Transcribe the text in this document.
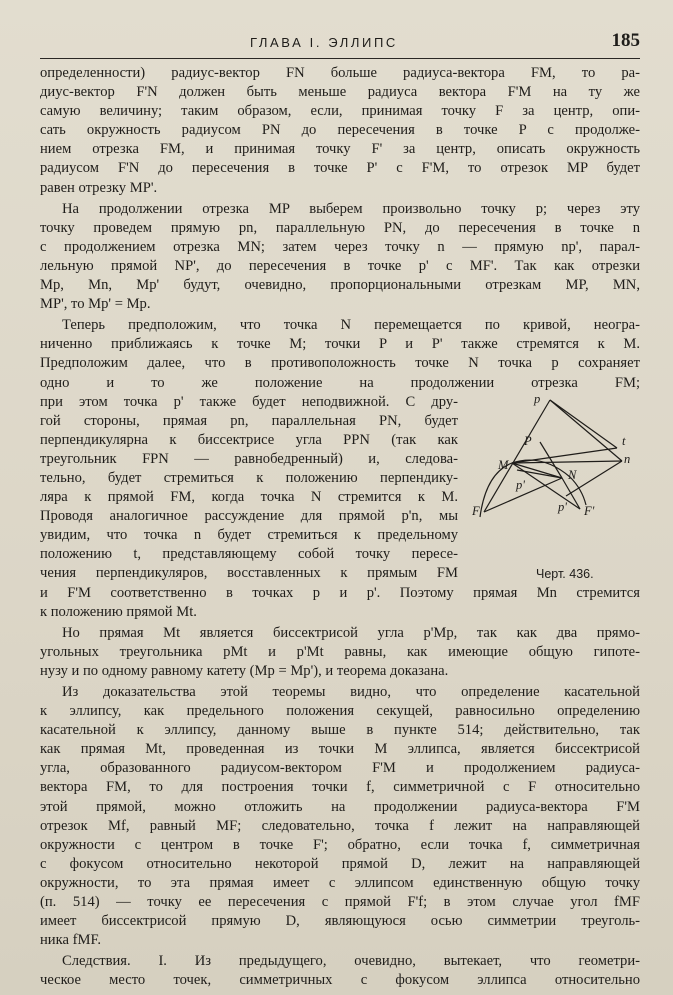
ГЛАВА I. ЭЛЛИПС	185

определенности) радиус-вектор FN больше радиуса-вектора FM, то ра-

диус-вектор F'N должен быть меньше радиуса вектора F'M на ту же

самую величину; таким образом, если, принимая точку F за центр, опи-

сать окружность радиусом PN до пересечения в точке P с продолже-

нием отрезка FM, и принимая точку F' за центр, описать окружность

радиусом F'N до пересечения в точке P' с F'M, то отрезок MP будет

равен отрезку MP'.

На продолжении отрезка MP выберем произвольно точку p; через эту

точку проведем прямую pn, параллельную PN, до пересечения в точке n

с продолжением отрезка MN; затем через точку n — прямую np', парал-

лельную прямой NP', до пересечения в точке p' с MF'. Так как отрезки

Mp, Mn, Mp' будут, очевидно, пропорциональными отрезкам MP, MN,

MP', то Mp' = Mp.

Теперь предположим, что точка N перемещается по кривой, неогра-

ниченно приближаясь к точке M; точки P и P' также стремятся к M.

Предположим далее, что в противоположность точке N точка p сохраняет

одно и то же положение на продолжении отрезка FM;

при этом точка p' также будет неподвижной. С дру-

гой стороны, прямая pn, параллельная PN, будет

перпендикулярна к биссектрисе угла PPN (так как

треугольник FPN — равнобедренный) и, следова-

тельно, будет стремиться к положению перпендику-

ляра к прямой FM, когда точка N стремится к M.

Проводя аналогичное рассуждение для прямой p'n, мы

увидим, что точка n будет стремиться к предельному

положению t, представляющему собой точку пересе-

чения перпендикуляров, восставленных к прямым FM

p
P	t
n
M
N
p'
F	p' F'
Черт. 436.

и F'M соответственно в точках p и p'. Поэтому прямая Mn стремится

к положению прямой Mt.

Но прямая Mt является биссектрисой угла p'Mp, так как два прямо-

угольных треугольника pMt и p'Mt равны, как имеющие общую гипоте-

нузу и по одному равному катету (Mp = Mp'), и теорема доказана.

Из доказательства этой теоремы видно, что определение касательной

к эллипсу, как предельного положения секущей, равносильно определению

касательной к эллипсу, данному выше в пункте 514; действительно, так

как прямая Mt, проведенная из точки M эллипса, является биссектрисой

угла, образованного радиусом-вектором F'M и продолжением радиуса-

вектора FM, то для построения точки f, симметричной с F относительно

этой прямой, можно отложить на продолжении радиуса-вектора F'M

отрезок Mf, равный MF; следовательно, точка f лежит на направляющей

окружности с центром в точке F'; обратно, если точка f, симметричная

с фокусом относительно некоторой прямой D, лежит на направляющей

окружности, то эта прямая имеет с эллипсом единственную общую точку

(п. 514) — точку ее пересечения с прямой F'f; в этом случае угол fMF

имеет биссектрисой прямую D, являющуюся осью симметрии треуголь-

ника fMF.

Следствия. I. Из предыдущего, очевидно, вытекает, что геометри-

ческое место точек, симметричных с фокусом эллипса относительно
